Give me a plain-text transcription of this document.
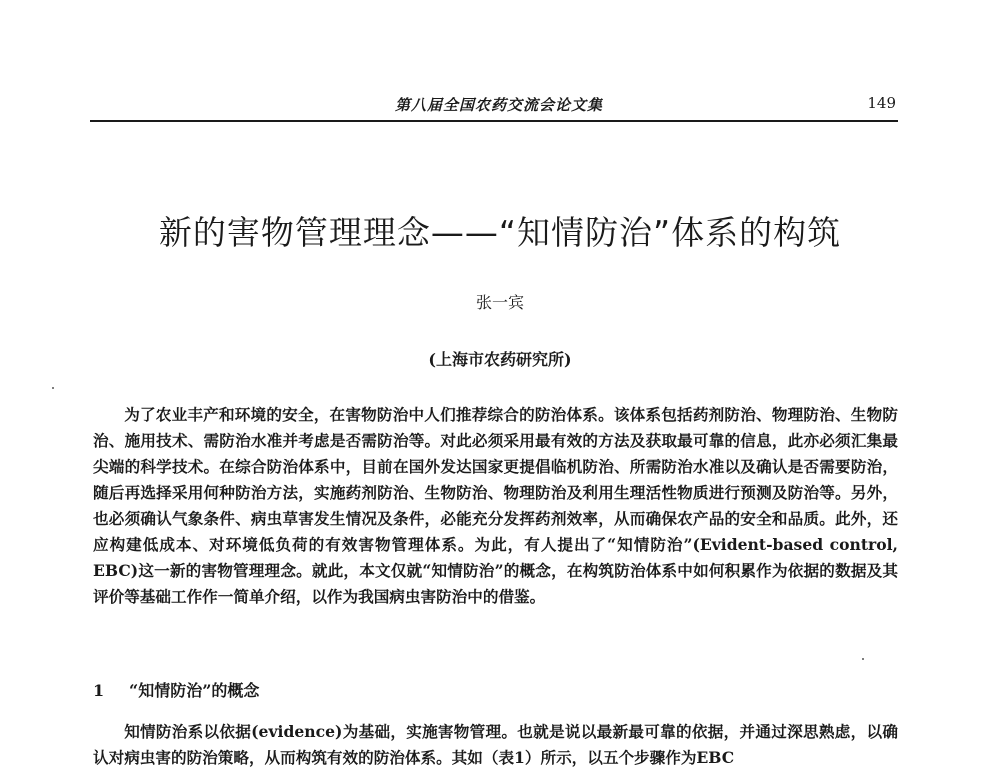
第八届全国农药交流会论文集	149
新的害物管理理念——“知情防治”体系的构筑
张一宾
(上海市农药研究所)

为了农业丰产和环境的安全，在害物防治中人们推荐综合的防治体系。该体系包括药剂防治、物理防治、生物防治、施用技术、需防治水准并考虑是否需防治等。对此必须采用最有效的方法及获取最可靠的信息，此亦必须汇集最尖端的科学技术。在综合防治体系中，目前在国外发达国家更提倡临机防治、所需防治水准以及确认是否需要防治，随后再选择采用何种防治方法，实施药剂防治、生物防治、物理防治及利用生理活性物质进行预测及防治等。另外，也必须确认气象条件、病虫草害发生情况及条件，必能充分发挥药剂效率，从而确保农产品的安全和品质。此外，还应构建低成本、对环境低负荷的有效害物管理体系。为此，有人提出了“知情防治”(Evident-based control, EBC)这一新的害物管理理念。就此，本文仅就“知情防治”的概念，在构筑防治体系中如何积累作为依据的数据及其评价等基础工作作一简单介绍，以作为我国病虫害防治中的借鉴。

1 “知情防治”的概念

知情防治系以依据(evidence)为基础，实施害物管理。也就是说以最新最可靠的依据，并通过深思熟虑，以确认对病虫害的防治策略，从而构筑有效的防治体系。其如（表1）所示，以五个步骤作为EBC
